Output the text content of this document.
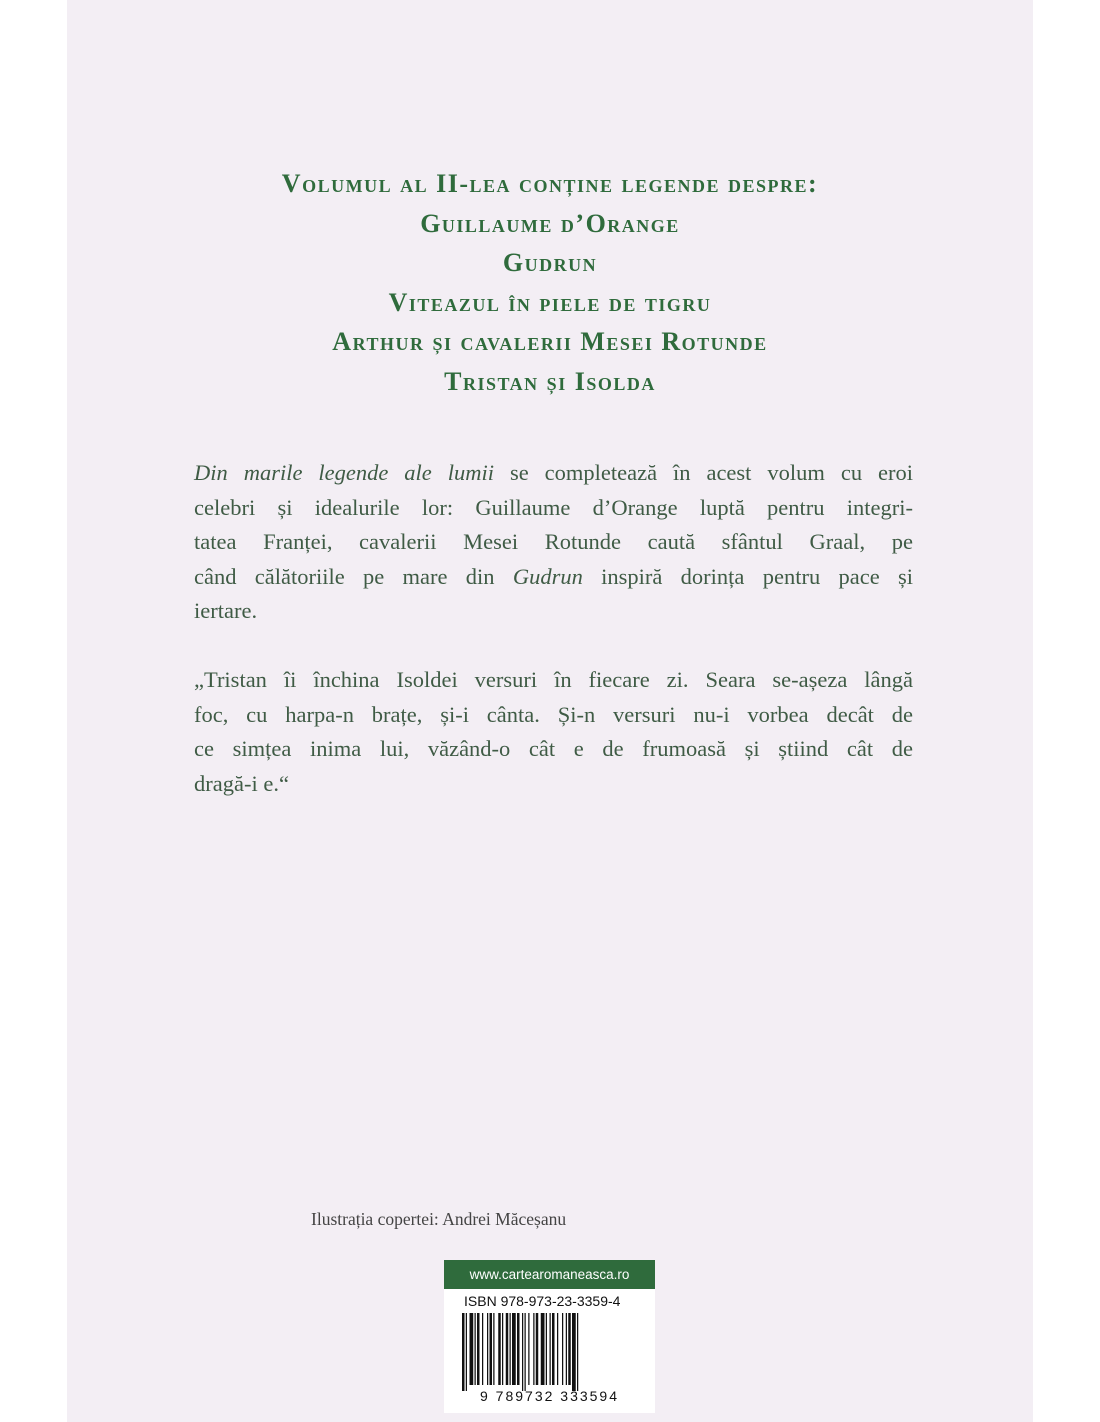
Volumul al II-lea conține legende despre:
Guillaume d’Orange
Gudrun
Viteazul în piele de tigru
Arthur și cavalerii Mesei Rotunde
Tristan și Isolda
Din marile legende ale lumii se completează în acest volum cu eroi
celebri și idealurile lor: Guillaume d’Orange luptă pentru integri-
tatea Franței, cavalerii Mesei Rotunde caută sfântul Graal, pe
când călătoriile pe mare din Gudrun inspiră dorința pentru pace și
iertare.
„Tristan îi închina Isoldei versuri în fiecare zi. Seara se-așeza lângă
foc, cu harpa-n brațe, și-i cânta. Și-n versuri nu-i vorbea decât de
ce simțea inima lui, văzând-o cât e de frumoasă și știind cât de
dragă-i e.“
Ilustrația copertei: Andrei Măceșanu
www.cartearomaneasca.ro
ISBN 978-973-23-3359-4
9 789732 333594
